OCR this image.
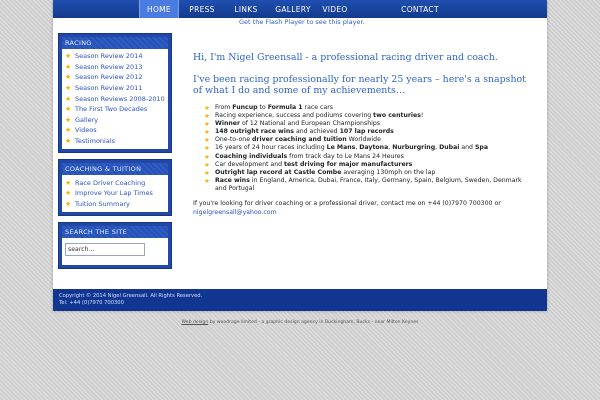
HOME	PRESS	LINKS	GALLERY	VIDEO	CONTACT
Get the Flash Player to see this player.
RACING
★ Season Review 2014
★ Season Review 2013
★ Season Review 2012
★ Season Review 2011
★ Season Reviews 2008-2010
★ The First Two Decades
★ Gallery
★ Videos
★ Testimonials
COACHING & TUITION
★ Race Driver Coaching
★ Improve Your Lap Times
★ Tuition Summary
SEARCH THE SITE
search...
Hi, I'm Nigel Greensall - a professional racing driver and coach.
I've been racing professionally for nearly 25 years – here's a snapshot of what I do and some of my achievements…
★ From Funcup to Formula 1 race cars
★ Racing experience, success and podiums covering two centuries!
★ Winner of 12 National and European Championships
★ 148 outright race wins and achieved 107 lap records
★ One-to-one driver coaching and tuition Worldwide
★ 16 years of 24 hour races including Le Mans, Daytona, Nurburgring, Dubai and Spa
★ Coaching individuals from track day to Le Mans 24 Heures
★ Car development and test driving for major manufacturers
★ Outright lap record at Castle Combe averaging 130mph on the lap
★ Race wins in England, America, Dubai, France, Italy, Germany, Spain, Belgium, Sweden, Denmark and Portugal
If you're looking for driver coaching or a professional driver, contact me on +44 (0)7970 700300 or nigelgreensall@yahoo.com
Copyright © 2014 Nigel Greensall. All Rights Reserved.
Tel: +44 (0)7970 700300
Web design by woodrage limited - a graphic design agency in Buckingham, Bucks - near Milton Keynes
